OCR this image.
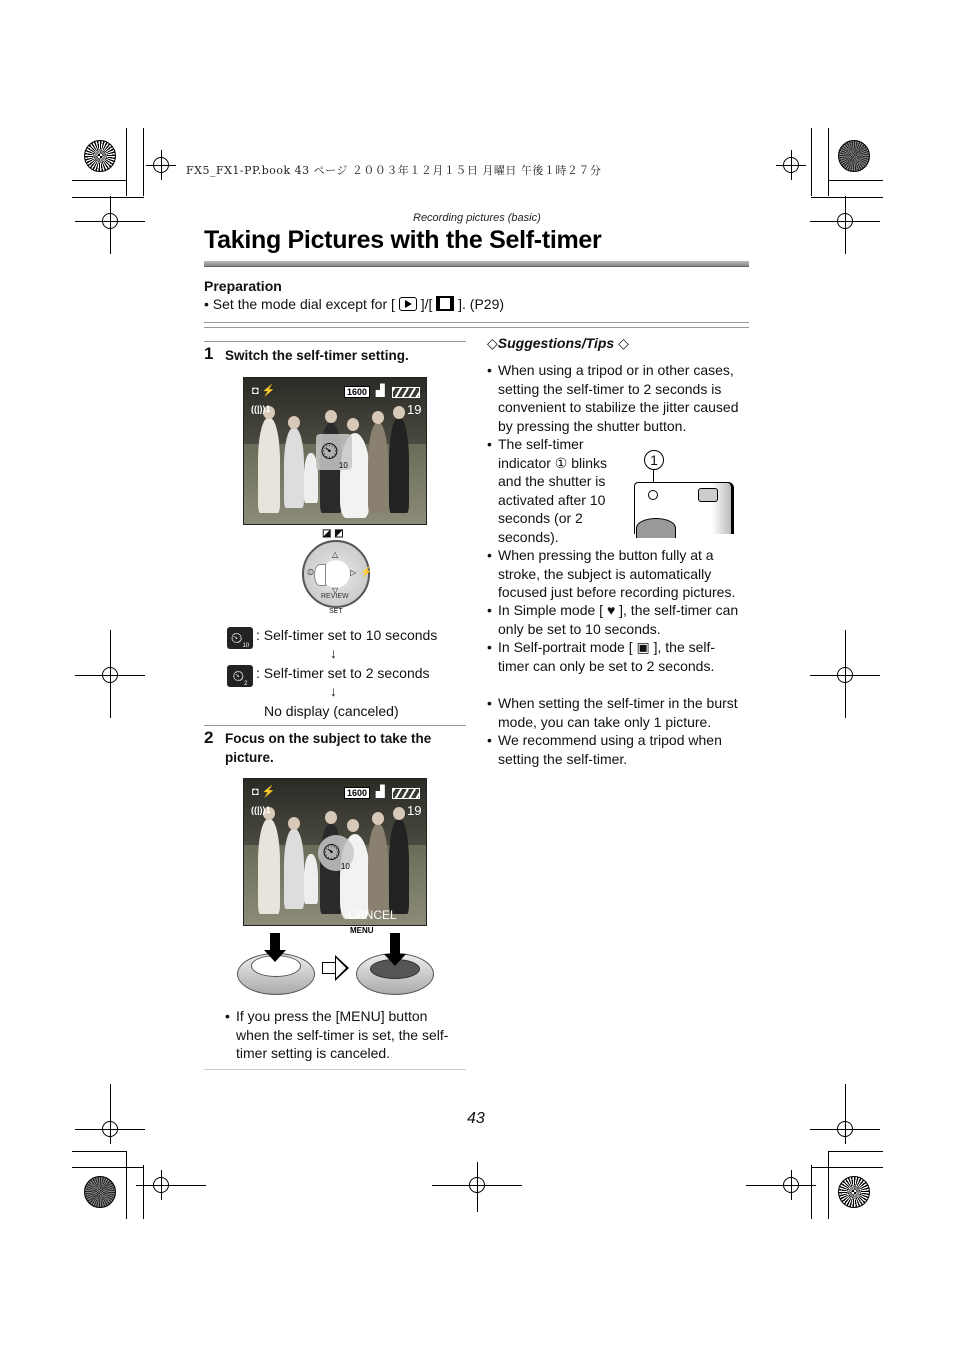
FX5_FX1-PP.book 43 ページ ２００３年１２月１５日 月曜日 午後１時２７分
Recording pictures (basic)
Taking Pictures with the Self-timer
Preparation
• Set the mode dial except for [ ]/[ ]. (P29)
1 Switch the self-timer setting.
◘ ⚡	1600 ▟
((|))1	19
⏲
10
◪ ◩
△
▽
▷
⏲	⚡
REVIEW
SET
⏲ 10
: Self-timer set to 10 seconds
↓
⏲ 2
: Self-timer set to 2 seconds
↓
No display (canceled)
2 Focus on the subject to take the picture.
◘ ⚡	1600 ▟
((|))1	19
⏲
10
CANCEL MENU
• If you press the [MENU] button when the self-timer is set, the self-timer setting is canceled.
◇Suggestions/Tips ◇
• When using a tripod or in other cases, setting the self-timer to 2 seconds is convenient to stabilize the jitter caused by pressing the shutter button.
• The self-timer indicator ① blinks and the shutter is activated after 10 seconds (or 2 seconds).
1
• When pressing the button fully at a stroke, the subject is automatically focused just before recording pictures.
• In Simple mode [ ♥ ], the self-timer can only be set to 10 seconds.
• In Self-portrait mode [ ▣ ], the self-timer can only be set to 2 seconds.
• When setting the self-timer in the burst mode, you can take only 1 picture.
• We recommend using a tripod when setting the self-timer.
43
